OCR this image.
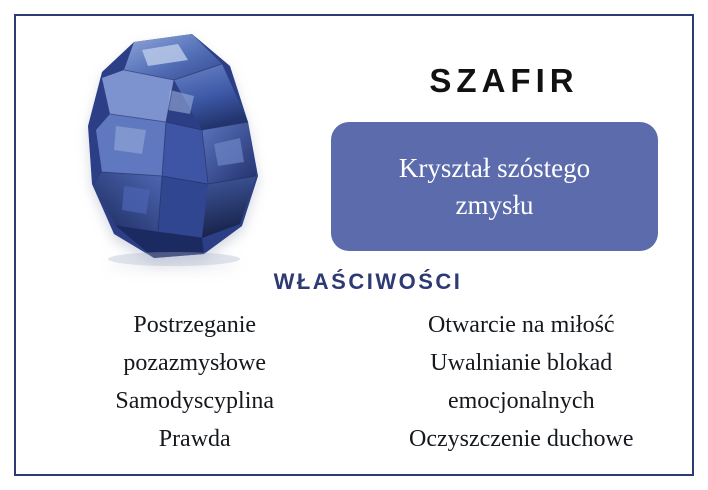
SZAFIR
Kryształ szóstego zmysłu
WŁAŚCIWOŚCI
Postrzeganie
pozazmysłowe
Samodyscyplina
Prawda
Otwarcie na miłość
Uwalnianie blokad
emocjonalnych
Oczyszczenie duchowe
